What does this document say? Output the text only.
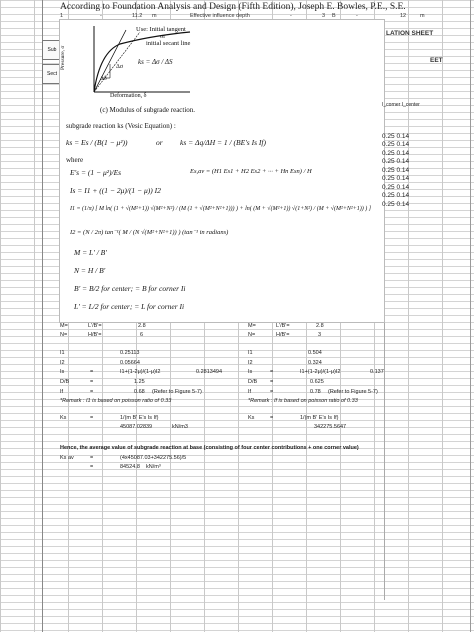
According to Foundation Analysis and Design (Fifth Edition), Joseph E. Bowles, P.E., S.E.
1	-	11.2 m	Effective influence depth	-	3 B	-	12	m
LATION SHEET
EET
Sub
Sect
Use: Initial tangent
or
initial secant line
ks = Δσ / ΔS
Δσ
Δδ
Pressure, σ
Deformation, δ
(c) Modulus of subgrade reaction.
subgrade reaction ks (Vesic Equation) :
ks = Es / (B(1 − μ²))	or ks = Δq/ΔH = 1 / (BE's Is If)
where
E's = (1 − μ²)/Es	Es,av = (H1 Es1 + H2 Es2 + ··· + Hn Esn) / H
Is = I1 + ((1 − 2μ)/(1 − μ)) I2
I1 = (1/π) [ M ln( (1 + √(M²+1)) √(M²+N²) / (M (1 + √(M²+N²+1))) ) + ln( (M + √(M²+1)) √(1+N²) / (M + √(M²+N²+1)) ) ]
I2 = (N / 2π) tan⁻¹( M / (N √(M²+N²+1)) ) (tan⁻¹ in radians)
M = L' / B'
N = H / B'
B' = B/2 for center; = B for corner Ii
L' = L/2 for center; = L for corner Ii
I_corner I_center
0.25 0.14
0.25 0.14
0.25 0.14
0.25 0.14
0.25 0.14
0.25 0.14
0.25 0.14
0.25 0.14
0.25 0.14
M=	L'/B'=	2.8
N=	H/B'=	6
M=	L'/B'=	2.8
N=	H/B'=	3
I1	0.25113	I1	0.504
I2	0.05664	I2	0.324
Is	=	I1+(1-2μ)/(1-μ)I2	0.2813494	Is	=	I1+(1-2μ)/(1-μ)I2	0.137
D/B	=	1.25	D/B =	0.625
If	=	0.68 (Refer to Figure 5-7)	If	=	0.78 (Refer to Figure 5-7)
*Remark : I1 is based on poisson ratio of 0.33	*Remark : If is based on poisson ratio of 0.33
Ks	=	1/(m B' E's Is If)	Ks	=	1/(m B' E's Is If)
45087.02839	kN/m3	342275.5647
Hence, the average value of subgrade reaction at base (consisting of four center contributions + one corner value)
Ks av	=	(4x45087.03+342275.56)/5
=	84524.8 kN/m³
